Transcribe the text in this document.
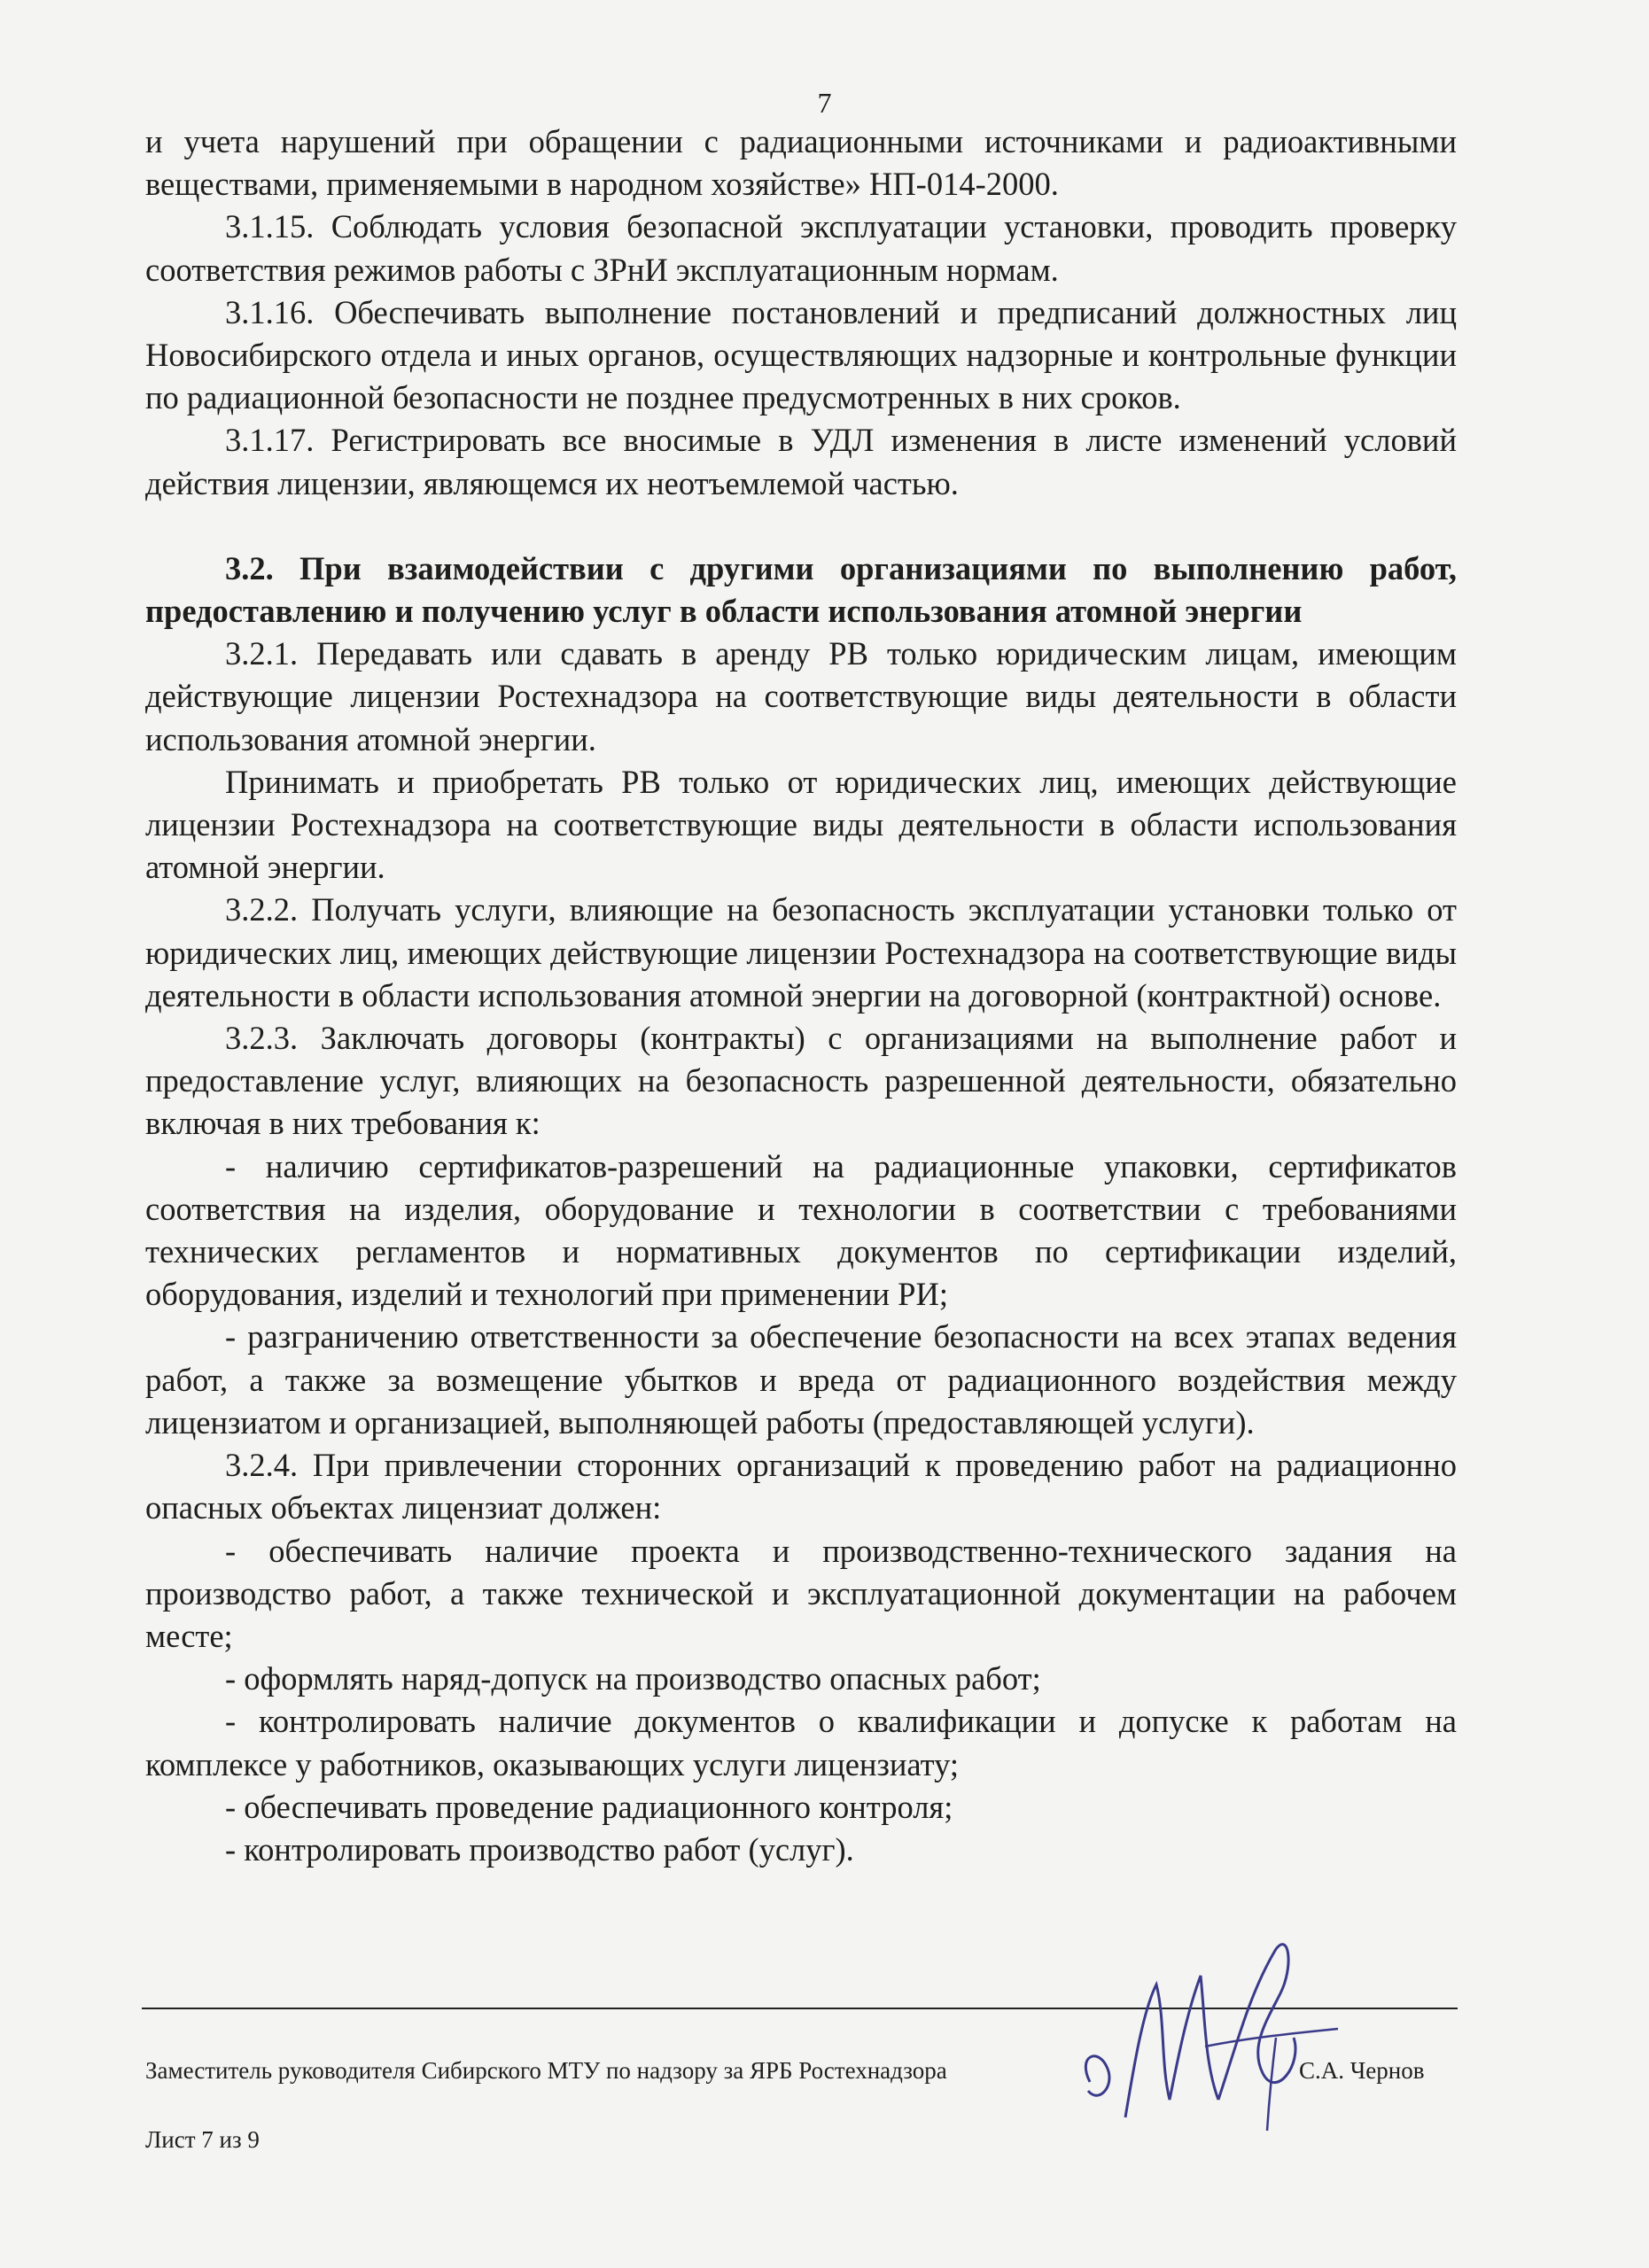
7

и учета нарушений при обращении с радиационными источниками и радиоактивными веществами, применяемыми в народном хозяйстве» НП-014-2000.

3.1.15. Соблюдать условия безопасной эксплуатации установки, проводить проверку соответствия режимов работы с ЗРнИ эксплуатационным нормам.

3.1.16. Обеспечивать выполнение постановлений и предписаний должностных лиц Новосибирского отдела и иных органов, осуществляющих надзорные и контрольные функции по радиационной безопасности не позднее предусмотренных в них сроков.

3.1.17. Регистрировать все вносимые в УДЛ изменения в листе изменений условий действия лицензии, являющемся их неотъемлемой частью.

3.2. При взаимодействии с другими организациями по выполнению работ, предоставлению и получению услуг в области использования атомной энергии

3.2.1. Передавать или сдавать в аренду РВ только юридическим лицам, имеющим действующие лицензии Ростехнадзора на соответствующие виды деятельности в области использования атомной энергии.

Принимать и приобретать РВ только от юридических лиц, имеющих действующие лицензии Ростехнадзора на соответствующие виды деятельности в области использования атомной энергии.

3.2.2. Получать услуги, влияющие на безопасность эксплуатации установки только от юридических лиц, имеющих действующие лицензии Ростехнадзора на соответствующие виды деятельности в области использования атомной энергии на договорной (контрактной) основе.

3.2.3. Заключать договоры (контракты) с организациями на выполнение работ и предоставление услуг, влияющих на безопасность разрешенной деятельности, обязательно включая в них требования к:

- наличию сертификатов-разрешений на радиационные упаковки, сертификатов соответствия на изделия, оборудование и технологии в соответствии с требованиями технических регламентов и нормативных документов по сертификации изделий, оборудования, изделий и технологий при применении РИ;

- разграничению ответственности за обеспечение безопасности на всех этапах ведения работ, а также за возмещение убытков и вреда от радиационного воздействия между лицензиатом и организацией, выполняющей работы (предоставляющей услуги).

3.2.4. При привлечении сторонних организаций к проведению работ на радиационно опасных объектах лицензиат должен:

- обеспечивать наличие проекта и производственно-технического задания на производство работ, а также технической и эксплуатационной документации на рабочем месте;

- оформлять наряд-допуск на производство опасных работ;

- контролировать наличие документов о квалификации и допуске к работам на комплексе у работников, оказывающих услуги лицензиату;

- обеспечивать проведение радиационного контроля;

- контролировать производство работ (услуг).

Заместитель руководителя Сибирского МТУ по надзору за ЯРБ Ростехнадзора	С.А. Чернов
Лист 7 из 9
